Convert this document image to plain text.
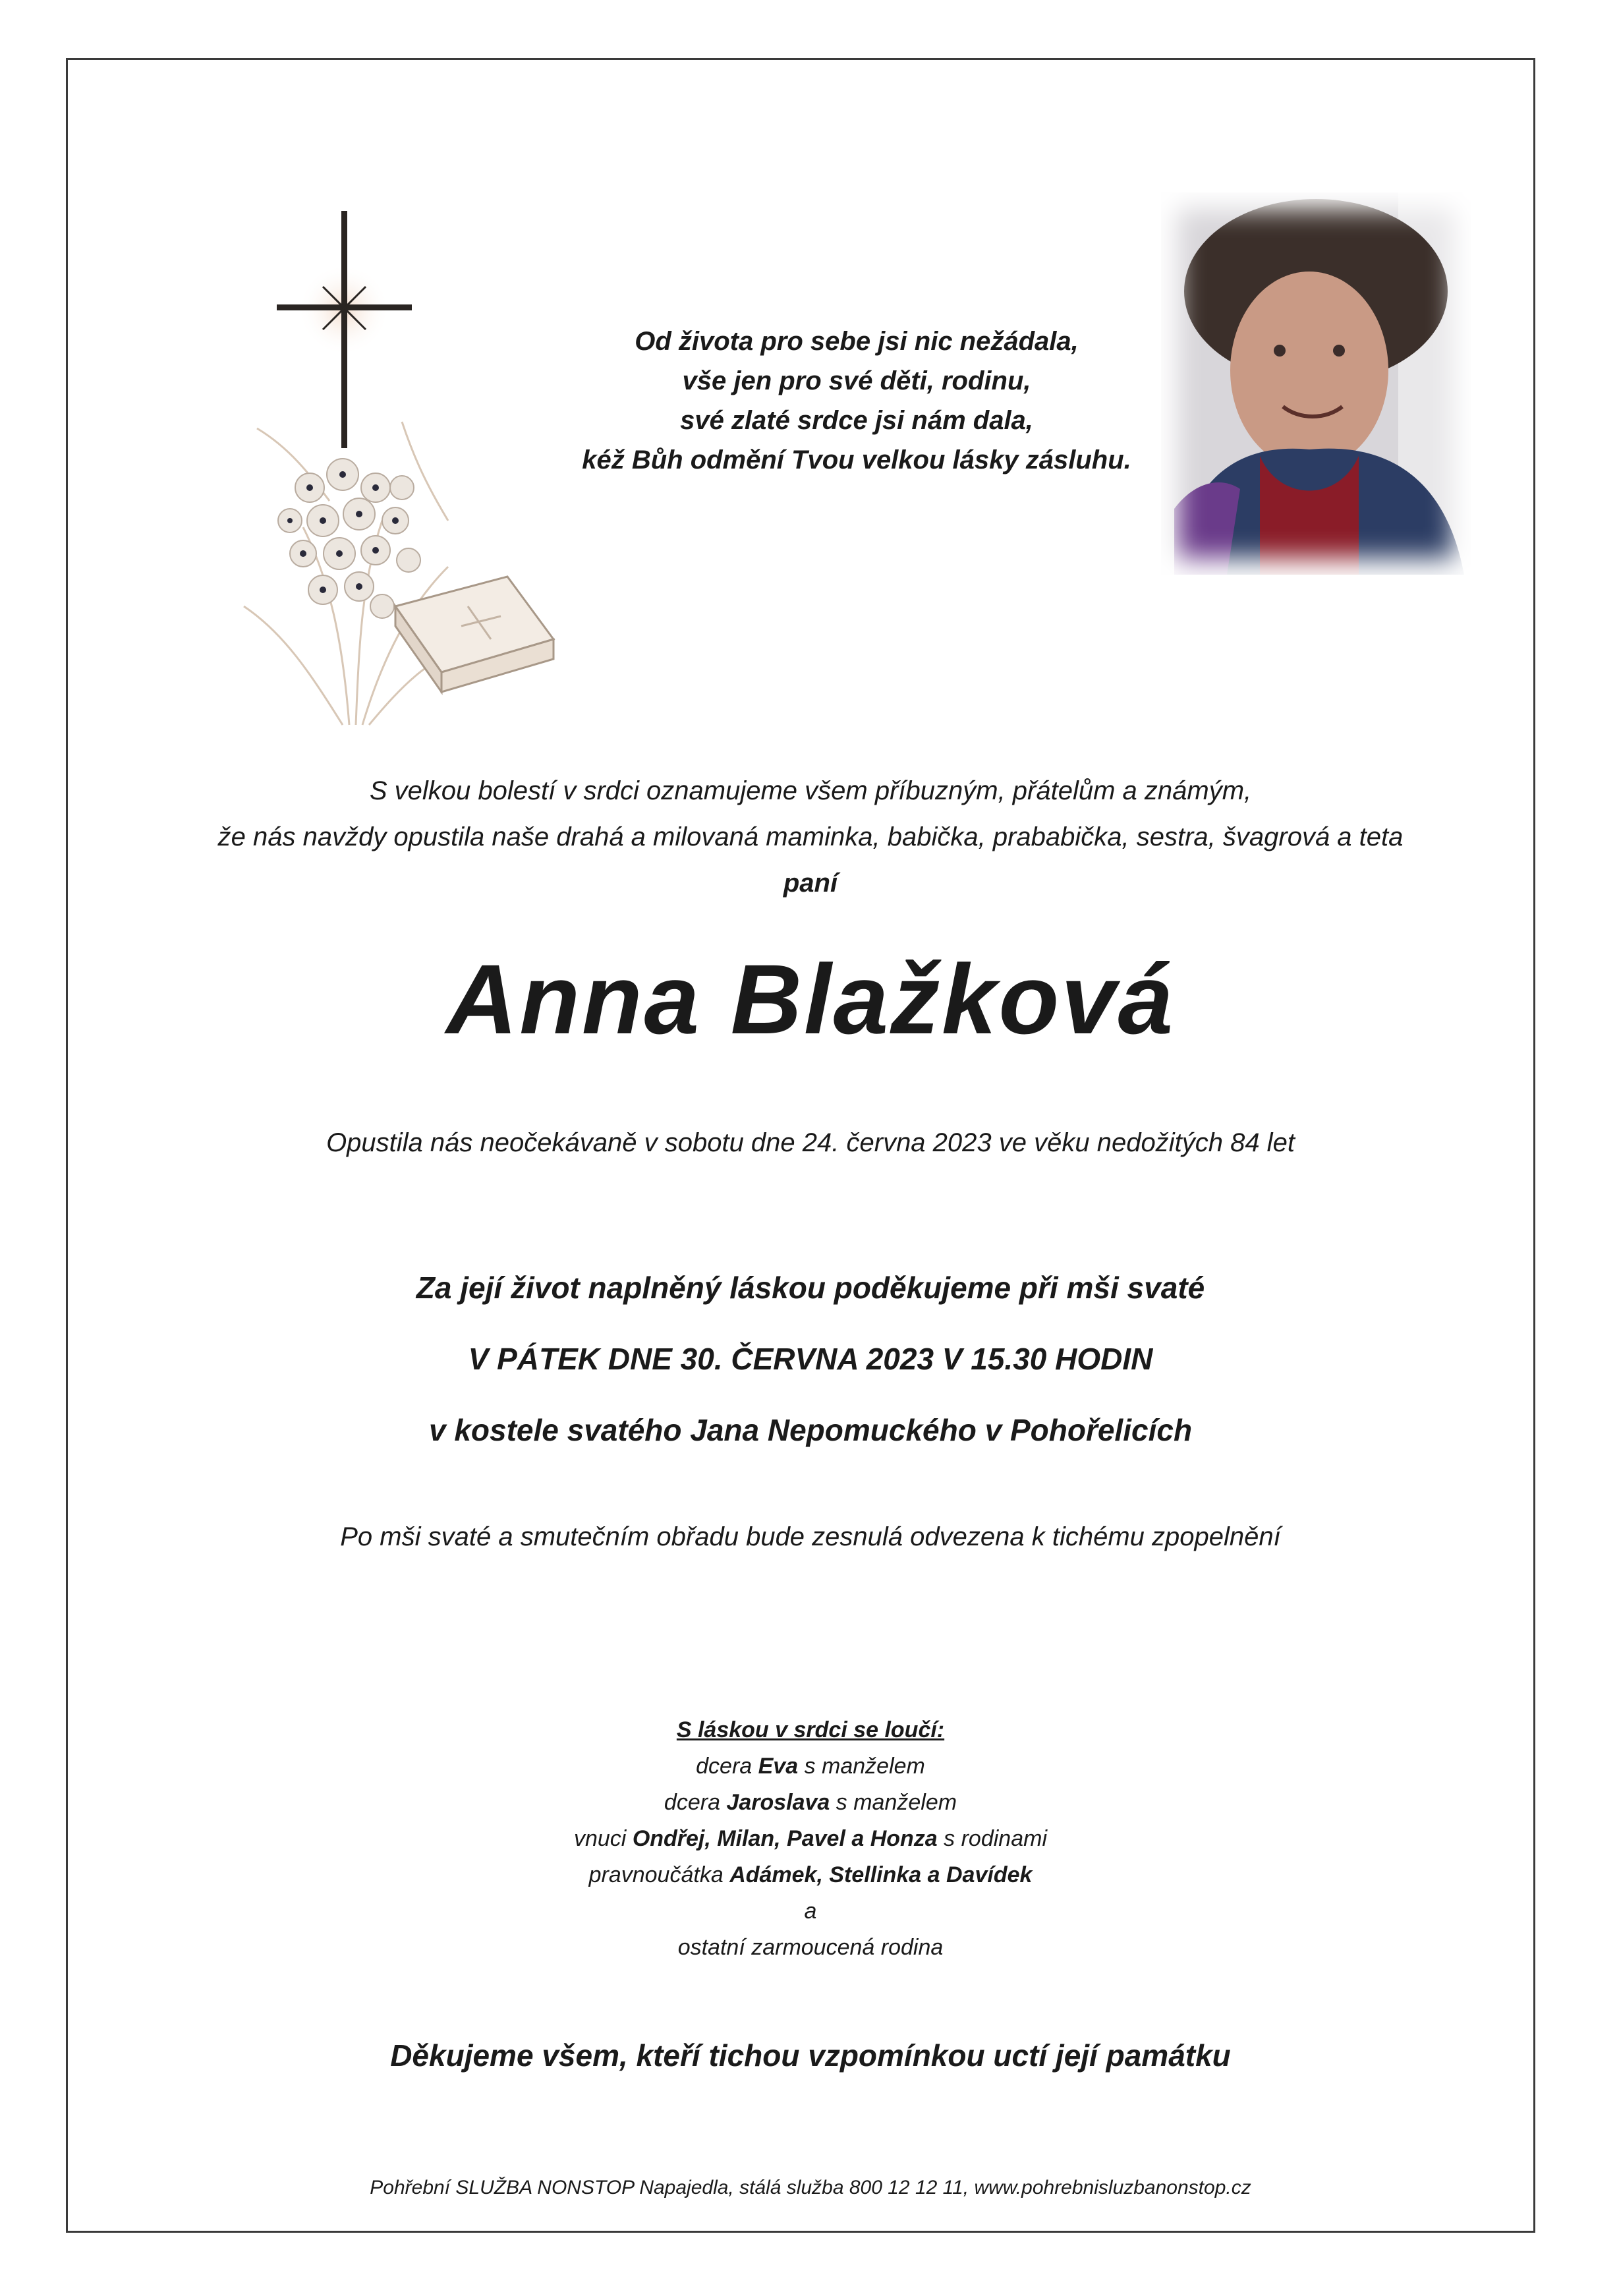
Od života pro sebe jsi nic nežádala,
vše jen pro své děti, rodinu,
své zlaté srdce jsi nám dala,
kéž Bůh odmění Tvou velkou lásky zásluhu.
S velkou bolestí v srdci oznamujeme všem příbuzným, přátelům a známým,
že nás navždy opustila naše drahá a milovaná maminka, babička, prababička, sestra, švagrová a teta
paní
Anna Blažková
Opustila nás neočekávaně v sobotu dne 24. června 2023 ve věku nedožitých 84 let
Za její život naplněný láskou poděkujeme při mši svaté
V PÁTEK DNE 30. ČERVNA 2023 V 15.30 HODIN
v kostele svatého Jana Nepomuckého v Pohořelicích
Po mši svaté a smutečním obřadu bude zesnulá odvezena k tichému zpopelnění
S láskou v srdci se loučí:
dcera Eva s manželem
dcera Jaroslava s manželem
vnuci Ondřej, Milan, Pavel a Honza s rodinami
pravnoučátka Adámek, Stellinka a Davídek
a
ostatní zarmoucená rodina
Děkujeme všem, kteří tichou vzpomínkou uctí její památku
Pohřební SLUŽBA NONSTOP Napajedla, stálá služba 800 12 12 11, www.pohrebnisluzbanonstop.cz
